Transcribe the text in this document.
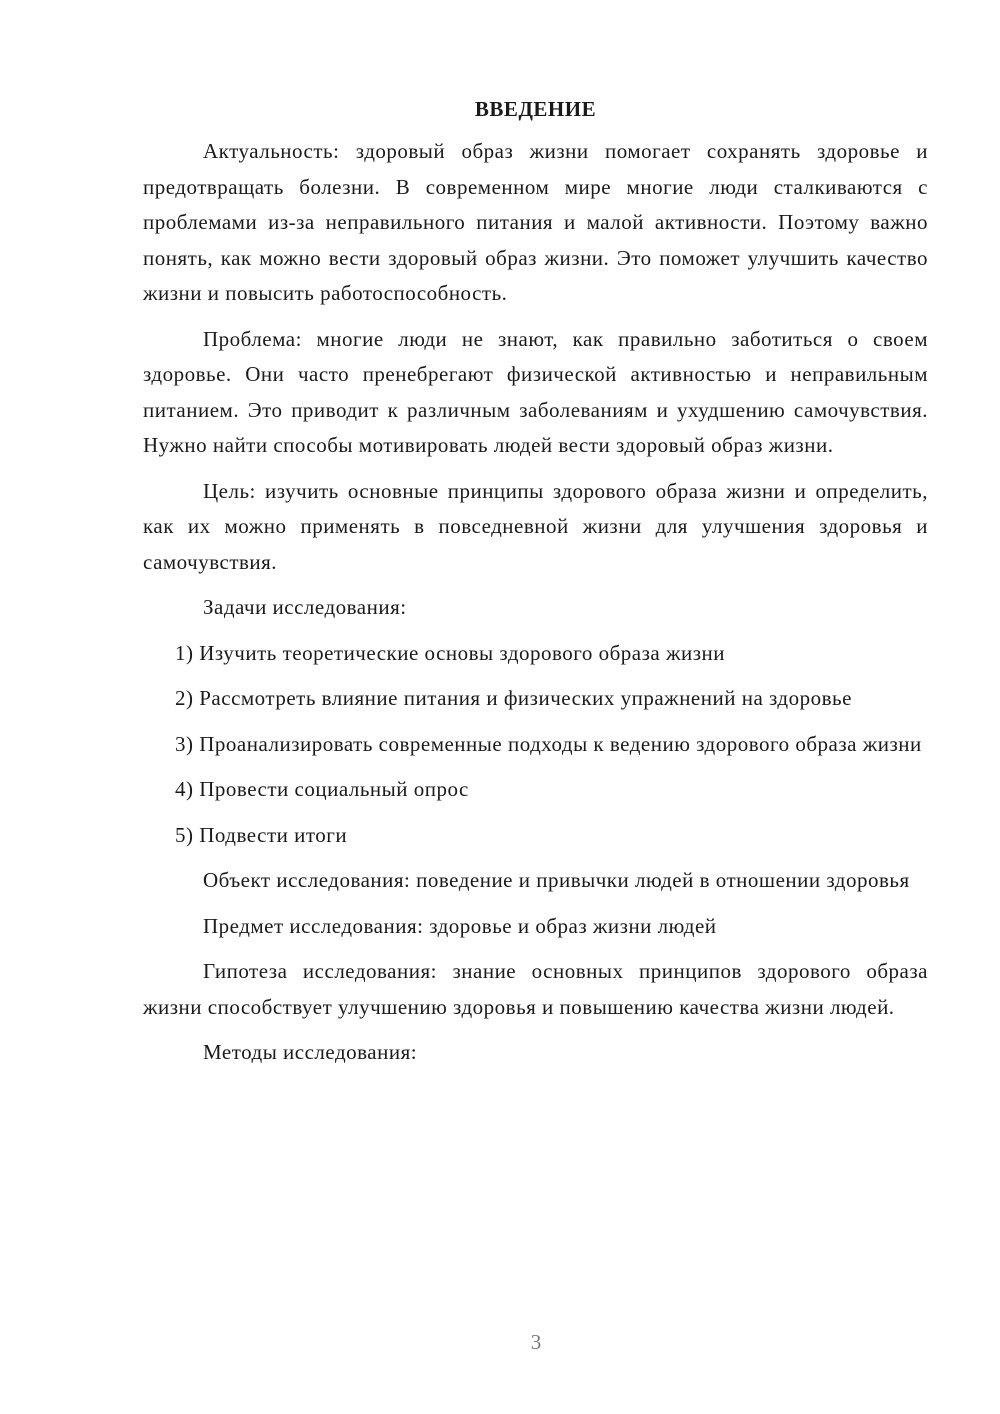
ВВЕДЕНИЕ

Актуальность: здоровый образ жизни помогает сохранять здоровье и предотвращать болезни. В современном мире многие люди сталкиваются с проблемами из-за неправильного питания и малой активности. Поэтому важно понять, как можно вести здоровый образ жизни. Это поможет улучшить качество жизни и повысить работоспособность.

Проблема: многие люди не знают, как правильно заботиться о своем здоровье. Они часто пренебрегают физической активностью и неправильным питанием. Это приводит к различным заболеваниям и ухудшению самочувствия. Нужно найти способы мотивировать людей вести здоровый образ жизни.

Цель: изучить основные принципы здорового образа жизни и определить, как их можно применять в повседневной жизни для улучшения здоровья и самочувствия.

Задачи исследования:

1) Изучить теоретические основы здорового образа жизни

2) Рассмотреть влияние питания и физических упражнений на здоровье

3) Проанализировать современные подходы к ведению здорового образа жизни

4) Провести социальный опрос

5) Подвести итоги

Объект исследования: поведение и привычки людей в отношении здоровья

Предмет исследования: здоровье и образ жизни людей

Гипотеза исследования: знание основных принципов здорового образа жизни способствует улучшению здоровья и повышению качества жизни людей.

Методы исследования:

3
